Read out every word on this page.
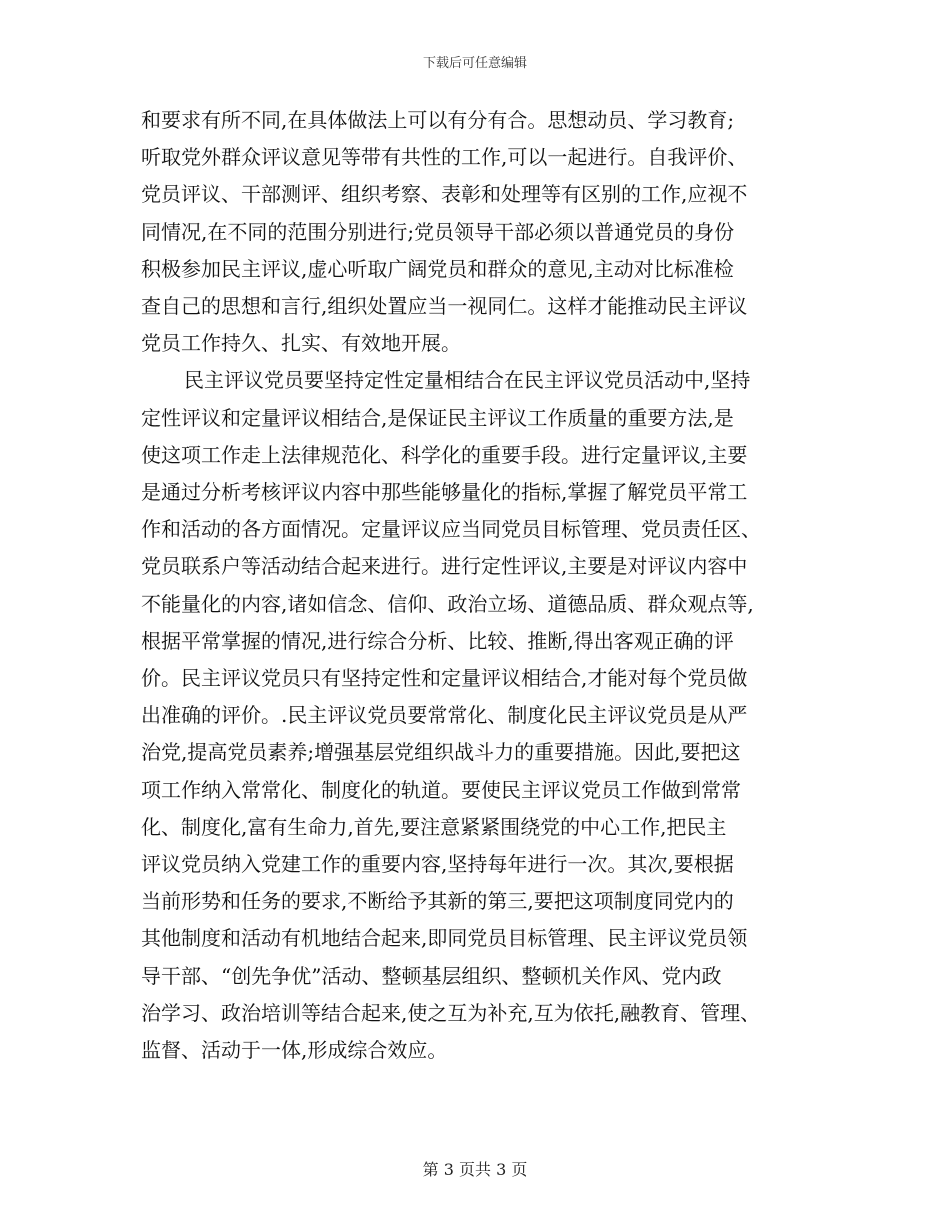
下载后可任意编辑
和要求有所不同,在具体做法上可以有分有合。思想动员、学习教育;
听取党外群众评议意见等带有共性的工作,可以一起进行。自我评价、
党员评议、干部测评、组织考察、表彰和处理等有区别的工作,应视不
同情况,在不同的范围分别进行;党员领导干部必须以普通党员的身份
积极参加民主评议,虚心听取广阔党员和群众的意见,主动对比标准检
查自己的思想和言行,组织处置应当一视同仁。这样才能推动民主评议
党员工作持久、扎实、有效地开展。
民主评议党员要坚持定性定量相结合在民主评议党员活动中,坚持
定性评议和定量评议相结合,是保证民主评议工作质量的重要方法,是
使这项工作走上法律规范化、科学化的重要手段。进行定量评议,主要
是通过分析考核评议内容中那些能够量化的指标,掌握了解党员平常工
作和活动的各方面情况。定量评议应当同党员目标管理、党员责任区、
党员联系户等活动结合起来进行。进行定性评议,主要是对评议内容中
不能量化的内容,诸如信念、信仰、政治立场、道德品质、群众观点等,
根据平常掌握的情况,进行综合分析、比较、推断,得出客观正确的评
价。民主评议党员只有坚持定性和定量评议相结合,才能对每个党员做
出准确的评价。.民主评议党员要常常化、制度化民主评议党员是从严
治党,提高党员素养;增强基层党组织战斗力的重要措施。因此,要把这
项工作纳入常常化、制度化的轨道。要使民主评议党员工作做到常常
化、制度化,富有生命力,首先,要注意紧紧围绕党的中心工作,把民主
评议党员纳入党建工作的重要内容,坚持每年进行一次。其次,要根据
当前形势和任务的要求,不断给予其新的第三,要把这项制度同党内的
其他制度和活动有机地结合起来,即同党员目标管理、民主评议党员领
导干部、“创先争优”活动、整顿基层组织、整顿机关作风、党内政
治学习、政治培训等结合起来,使之互为补充,互为依托,融教育、管理、
监督、活动于一体,形成综合效应。
第 3 页共 3 页
